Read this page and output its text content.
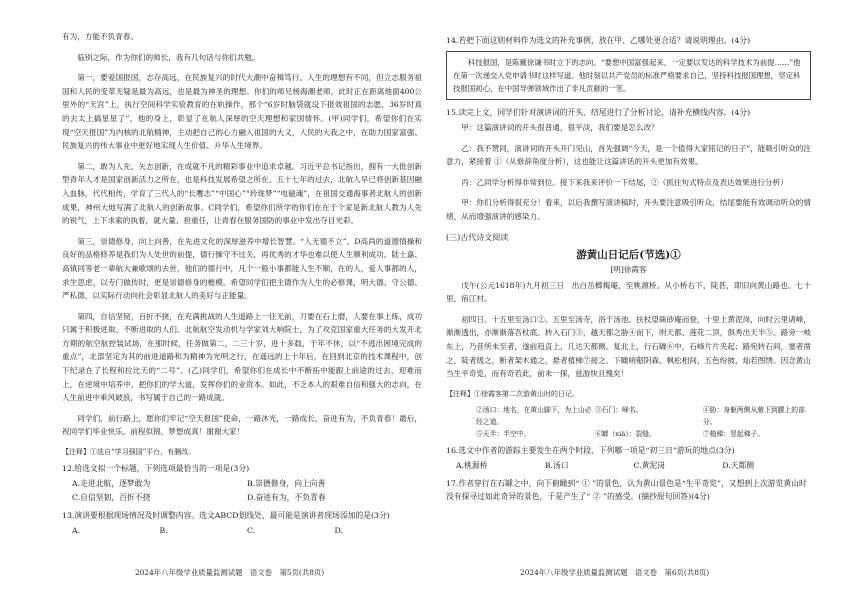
有为，方能不负青春。

临别之际，作为你们的师长，我有几句话与你们共勉。

第一，要爱国报国，志存高远，在民族复兴的时代大潮中奋楫笃行。人生的理想有不同，但立志服务祖国和人民的变革无疑是最为高远，也是最为神圣的理想。你们的师兄杨海潮老师，此时正在距离地面400公里外的“天宫”上，执行空间科学实验教育的在轨操作，那个“6岁时脑袋就设下报效祖国的志愿，36岁时真的去太上搞星星了”，他的身上，彰显了在航人深厚的空天理想和家国情怀。(甲)同学们，希望你们在实现“空天报国”为内核的北航精神，主动把自己的心力融入祖国的大义，人民的大我之中，在助力国家富强、民族复兴的伟大事业中更好地实现人生价值、升华人生境界。

第二，敢为人先，矢志创新，在成就不凡的精彩事业中追求卓越。习近平总书记指出，拥有一大批创新型青年人才是国家创新活力之所在，也是科技发展希望之所在。五十七年的过去，北航人早已将创新基因融入血脉，代代相传，学育了三代人的“长鹰志”“中国心”“玲珑梦”“电磁魂”，在祖国交通海事者北航人的创新成果，神州大地写满了北航人的创新故事。C同学们，希望你们所学的你们在在于个家是新北航人教为人先的锐气，上下求索的执着，就大量、担重任，让青春在服务国防的事业中发出夺目光彩。

第三，崇德修身，向上向善，在先进文化的深厚滋养中增长智慧。“人无德不立”。D高尚的道德情操和良好的品格修养是我们为人处世的前提，德行操守不过关，再优秀的才华也难以使人生顺利成功。陆士嘉、高镇同等老一辈航大兼歌颂的去世，他们的德行中，凡个一般小事都能人生不顺，在的人，爱人事都的人，求生思虑，以专门做传时，更是崇德修身的楷模。希望同学们把主德作为人生的必修课，明大德、守公德、严私德，以实际行动向社会彰显北航人的美好与正能量。

第四，自信坚韧，百折不挠，在充满挑战的人生道路上一往无前，刀要在石上磨，人要在事上练，成功只属于积极进取、不断进取的人们。北航航空发动机与学家刘大响院士，为了攻克国家重大任务的大发开北方期的航空航控装试场，在那时候，任务做第二，二三十岁，进十多载，于年不休，以“不逃出困境完成的重点”，北部坚定为其的前进道路和为精神为光明之行，在遥远的上十年后，在回到北京的技术课程中，创下纪录在了长程和拉比天的“二号”。(乙)同学们，希望你们在成长中不断拓中能跟上前途的过去，迎难而上，在逆境中培养中，把你们的学大道，发挥你们的业资本。如此，不乏本人的艰难自信和强大的志向，在人生前进中乘风破浪，书写属于自己的一路成就。

同学们，前行路上，愿你们牢记“空天报国”使命，一路沐光，一路成长，奋进有为，不负青春！最后，祝同学们毕业快乐，前程似锦，梦想成真！谢谢大家！

【注释】①选自“学习强国”平台，有删改。

12.给选文拟一个标题，下列选项最恰当的一项是(3分)

A.走进北航，逐梦敢为	B.崇德修身，向上向善
C.自信坚韧，百折不挠	D.奋进有为，不负青春

13.演讲要根据现场情况及时调整内容。选文ABCD划线处，最可能是演讲者现场添加的是(3分)

A.	B.	C.	D.

14.若把下面这则材料作为选文的补充事例，放在甲、乙哪处更合适？请说明理由。(4分)

科技报国，是陈戴徐谦书时立下的志向。“要想中国富强起来，一定要以发达的科学技术为前提……”他在第一次递交入党申请书时这样写道。他时刻以共产党员的标准严格要求自己，坚持科技报国理想，坚定科技报国初心，在中国导弹领域作出了非凡贡献的一笔。

15.读完上文，同学们针对演讲词的开头、结尾进行了分析讨论，请补充横线内容。(4分)

甲：这篇演讲词的开头很普通，很平淡，我们要是怎么改？

乙：我不赞同，演讲词的开头开门见山，首先强调“今天，是一个值得大家铭记的日子”，能吸引听众的注意力，紧接着 ①（从修辞角度分析），这也能让这篇讲话的开头更加有效果。

丙：乙同学分析得非常到位。接下来我来评价一下结尾，②（抓住句式特点及表达效果进行分析）

甲：你们分析得很充分！看来，以后我撰写演讲稿时，开头要注意吸引听众，结尾要能有效调动听众的情绪，从而增强演讲的感染力。

(三)古代诗文阅读

游黄山日记后(节选)①

[明]徐霞客

戊午(公元1618年)九月初三日　出白岳榔梅庵，至桃源桥。从小桥右下，陡甚，即旧向黄山路也。七十里，宿江村。

初四日。十五里至汤口②。五里至汤寺，浴于汤池。扶杖望硃砂庵而登，十里上黄泥岗，向时云里诸峰，渐渐透出，亦渐渐落吾杖底。转入石门③，越天都之胁④而下，则天都、莲花二顶，俱秀出天半⑤。路旁一岐东上，乃昔所未至者，遂前趋直上，几达天都侧。复北上，行石罅⑥中，石峰片片夹起；路宛转石间，塞者凿之，陡者级之，断者架木通之，悬者植梯⑦接之。下瞰哨壑阴森，枫松相间，五色纷披，灿若图绣。因念黄山当生平奇览，而有奇若此，前未一探，兹游快且愧矣！

【注释】①徐霞客第二次游黄山时的日记。

②汤口：地名，在黄山脚下，为上山必经之道。
③石门：峰名。	④胁：身躯两侧从腋下到腰上的部分。
⑤天半：半空中。	⑥罅（xià）：裂缝。	⑦植梯：竖起梯子。

16.选文中作者的游踪主要发生在两个时段，下列哪一项是“初三日”游玩的地点(3分)

A.桃源桥	B.汤口	C.黄泥岗	D.天都侧

17.作者穿行在石罅之中，向下俯瞰到“ ① ”的景色，认为黄山景色是“生平奇览”，又想到上次游览黄山时没有探寻过如此奇异的景色，于是产生了“ ② ”的感受。(摘抄原句回答)(4分)

2024年八年级学业质量监测试题　语文卷　第5页(共8页)	2024年八年级学业质量监测试题　语文卷　第6页(共8页)
